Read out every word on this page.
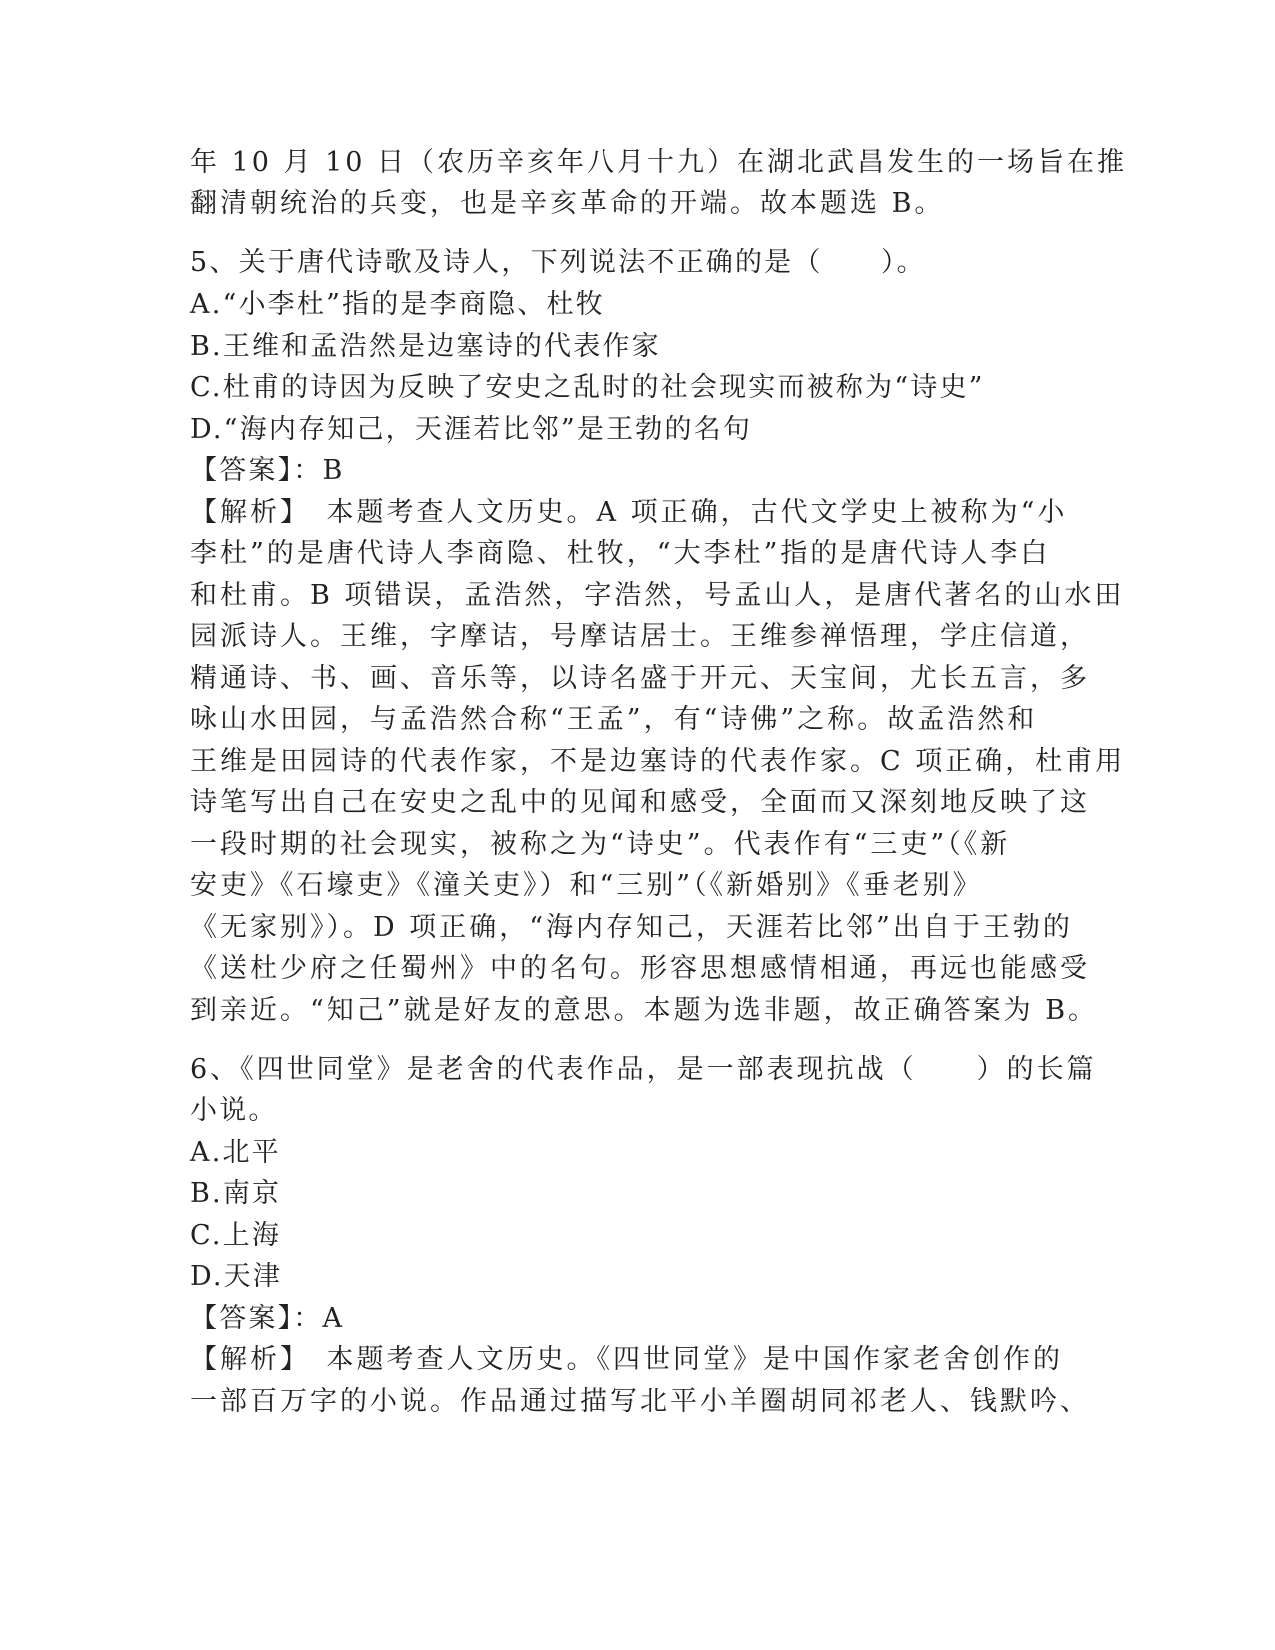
年 10 月 10 日（农历辛亥年八月十九）在湖北武昌发生的一场旨在推
翻清朝统治的兵变，也是辛亥革命的开端。故本题选 B。
5、关于唐代诗歌及诗人，下列说法不正确的是（　　）。
A.“小李杜”指的是李商隐、杜牧
B.王维和孟浩然是边塞诗的代表作家
C.杜甫的诗因为反映了安史之乱时的社会现实而被称为“诗史”
D.“海内存知己，天涯若比邻”是王勃的名句
【答案】：B
【解析】　本题考查人文历史。A 项正确，古代文学史上被称为“小
李杜”的是唐代诗人李商隐、杜牧，“大李杜”指的是唐代诗人李白
和杜甫。B 项错误，孟浩然，字浩然，号孟山人，是唐代著名的山水田
园派诗人。王维，字摩诘，号摩诘居士。王维参禅悟理，学庄信道，
精通诗、书、画、音乐等，以诗名盛于开元、天宝间，尤长五言，多
咏山水田园，与孟浩然合称“王孟”，有“诗佛”之称。故孟浩然和
王维是田园诗的代表作家，不是边塞诗的代表作家。C 项正确，杜甫用
诗笔写出自己在安史之乱中的见闻和感受，全面而又深刻地反映了这
一段时期的社会现实，被称之为“诗史”。代表作有“三吏”（《新
安吏》《石壕吏》《潼关吏》）和“三别”（《新婚别》《垂老别》
《无家别》）。D 项正确，“海内存知己，天涯若比邻”出自于王勃的
《送杜少府之任蜀州》中的名句。形容思想感情相通，再远也能感受
到亲近。“知己”就是好友的意思。本题为选非题，故正确答案为 B。
6、《四世同堂》是老舍的代表作品，是一部表现抗战（　　）的长篇
小说。
A.北平
B.南京
C.上海
D.天津
【答案】：A
【解析】　本题考查人文历史。《四世同堂》是中国作家老舍创作的
一部百万字的小说。作品通过描写北平小羊圈胡同祁老人、钱默吟、
